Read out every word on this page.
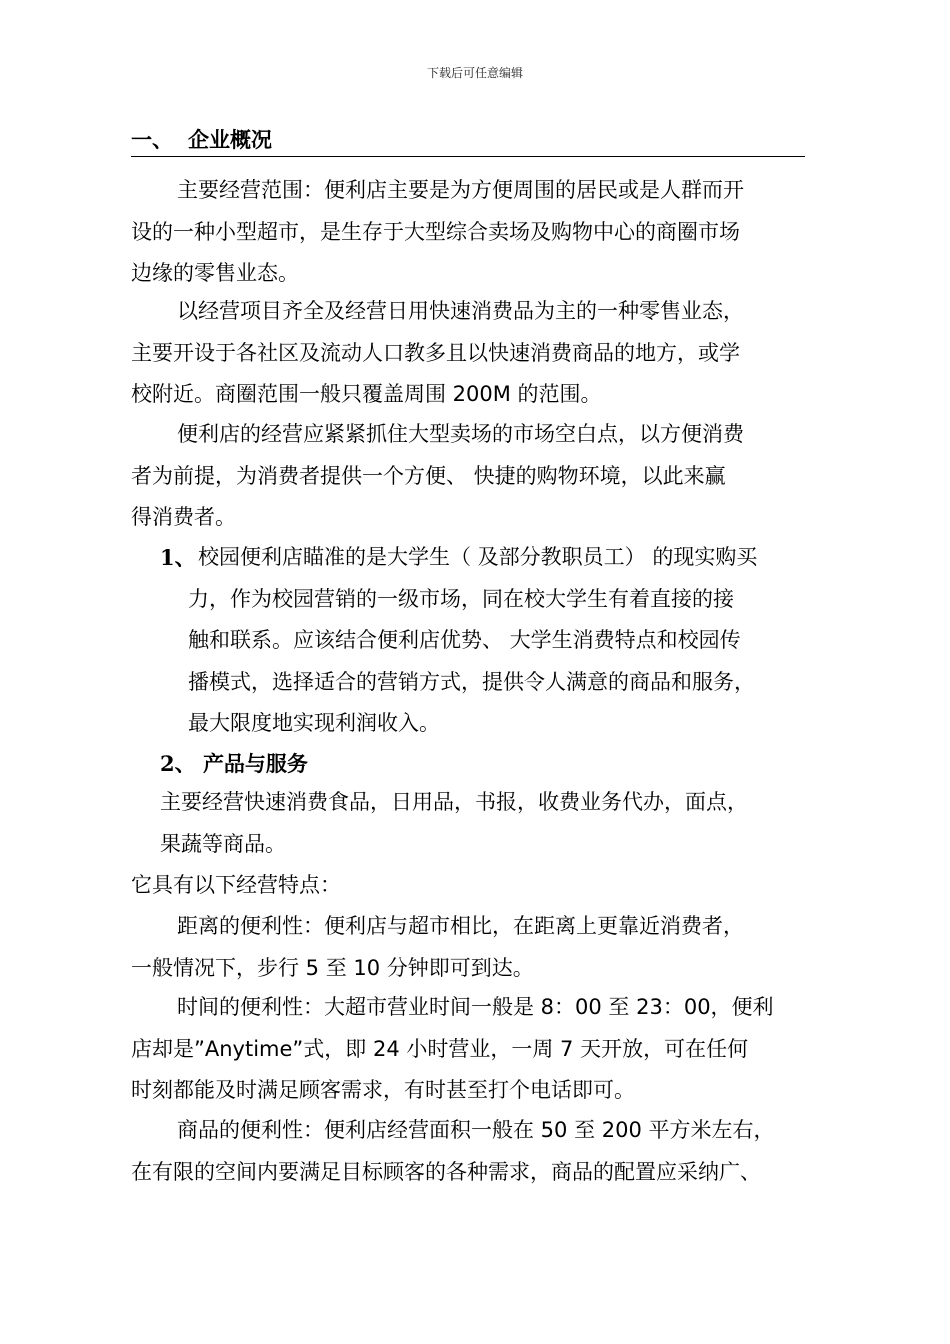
下载后可任意编辑
一、 企业概况

主要经营范围：便利店主要是为方便周围的居民或是人群而开

设的一种小型超市，是生存于大型综合卖场及购物中心的商圈市场

边缘的零售业态。

以经营项目齐全及经营日用快速消费品为主的一种零售业态，

主要开设于各社区及流动人口教多且以快速消费商品的地方，或学

校附近。商圈范围一般只覆盖周围 200M 的范围。

便利店的经营应紧紧抓住大型卖场的市场空白点，以方便消费

者为前提，为消费者提供一个方便、 快捷的购物环境，以此来赢

得消费者。

1、 校园便利店瞄准的是大学生（ 及部分教职员工） 的现实购买

力，作为校园营销的一级市场，同在校大学生有着直接的接

触和联系。应该结合便利店优势、 大学生消费特点和校园传

播模式，选择适合的营销方式，提供令人满意的商品和服务，

最大限度地实现利润收入。

2、 产品与服务

主要经营快速消费食品，日用品，书报，收费业务代办，面点，

果蔬等商品。

它具有以下经营特点：

距离的便利性：便利店与超市相比，在距离上更靠近消费者，

一般情况下，步行 5 至 10 分钟即可到达。

时间的便利性：大超市营业时间一般是 8：00 至 23：00，便利

店却是”Anytime”式，即 24 小时营业，一周 7 天开放，可在任何

时刻都能及时满足顾客需求，有时甚至打个电话即可。

商品的便利性：便利店经营面积一般在 50 至 200 平方米左右，

在有限的空间内要满足目标顾客的各种需求，商品的配置应采纳广、
